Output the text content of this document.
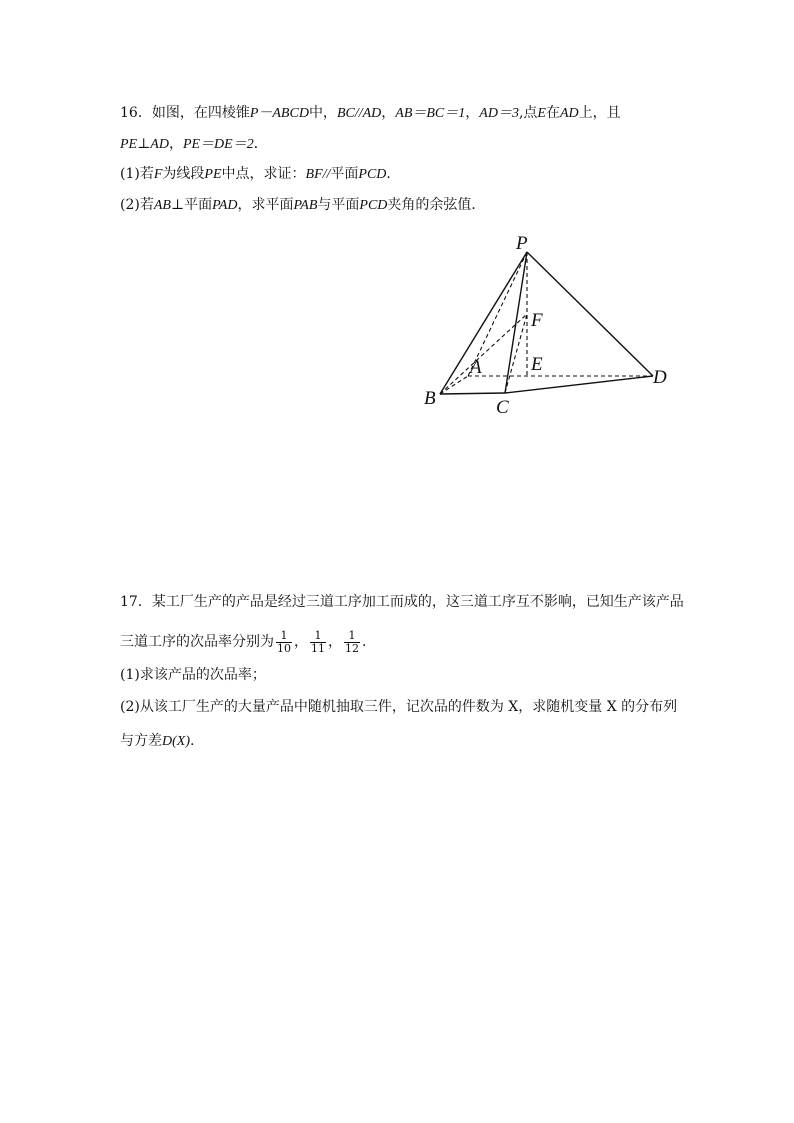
16．如图，在四棱锥P－ABCD中，BC//AD，AB＝BC＝1，AD＝3,点E在AD上，且
PE⊥AD，PE＝DE＝2．
(1)若F为线段PE中点，求证：BF//平面PCD．
(2)若AB⊥平面PAD，求平面PAB与平面PCD夹角的余弦值．
P
F
A	E
B	C
D
17．某工厂生产的产品是经过三道工序加工而成的，这三道工序互不影响，已知生产该产品
三道工序的次品率分别为 $\frac{1}{10}$ ， $\frac{1}{11}$ ， $\frac{1}{12}$ .
(1)求该产品的次品率；
(2)从该工厂生产的大量产品中随机抽取三件，记次品的件数为 X，求随机变量 X 的分布列
与方差D(X).
